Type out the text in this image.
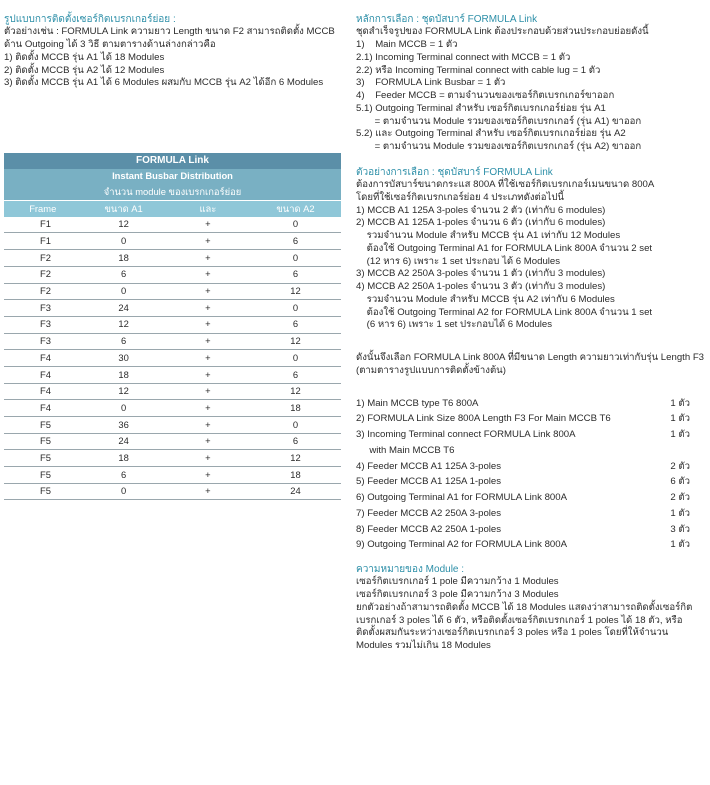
รูปแบบการติดตั้งเซอร์กิตเบรกเกอร์ย่อย :

ตัวอย่างเช่น : FORMULA Link ความยาว Length ขนาด F2 สามารถติดตั้ง MCCB

ด้าน Outgoing ได้ 3 วิธี ตามตารางด้านล่างกล่าวคือ

1) ติดตั้ง MCCB รุ่น A1 ได้ 18 Modules

2) ติดตั้ง MCCB รุ่น A2 ได้ 12 Modules

3) ติดตั้ง MCCB รุ่น A1 ได้ 6 Modules ผสมกับ MCCB รุ่น A2 ได้อีก 6 Modules

FORMULA Link			
Instant Busbar Distribution			
จำนวน module ของเบรกเกอร์ย่อย			
Frame	ขนาด A1	และ	ขนาด A2
F1	12	+	0
F1	0	+	6
F2	18	+	0
F2	6	+	6
F2	0	+	12
F3	24	+	0
F3	12	+	6
F3	6	+	12
F4	30	+	0
F4	18	+	6
F4	12	+	12
F4	0	+	18
F5	36	+	0
F5	24	+	6
F5	18	+	12
F5	6	+	18
F5	0	+	24

หลักการเลือก : ชุดบัสบาร์ FORMULA Link

ชุดสำเร็จรูปของ FORMULA Link ต้องประกอบด้วยส่วนประกอบย่อยดังนี้

1)    Main MCCB = 1 ตัว

2.1) Incoming Terminal connect with MCCB = 1 ตัว

2.2) หรือ Incoming Terminal connect with cable lug = 1 ตัว

3)    FORMULA Link Busbar = 1 ตัว

4)    Feeder MCCB = ตามจำนวนของเซอร์กิตเบรกเกอร์ขาออก

5.1) Outgoing Terminal สำหรับ เซอร์กิตเบรกเกอร์ย่อย รุ่น A1

= ตามจำนวน Module รวมของเซอร์กิตเบรกเกอร์ (รุ่น A1) ขาออก

5.2) และ Outgoing Terminal สำหรับ เซอร์กิตเบรกเกอร์ย่อย รุ่น A2

= ตามจำนวน Module รวมของเซอร์กิตเบรกเกอร์ (รุ่น A2) ขาออก

ตัวอย่างการเลือก : ชุดบัสบาร์ FORMULA Link

ต้องการบัสบาร์ขนาดกระแส 800A ที่ใช้เซอร์กิตเบรกเกอร์เมนขนาด 800A

โดยที่ใช้เซอร์กิตเบรกเกอร์ย่อย 4 ประเภทดังต่อไปนี้

1) MCCB A1 125A 3-poles จำนวน 2 ตัว (เท่ากับ 6 modules)

2) MCCB A1 125A 1-poles จำนวน 6 ตัว (เท่ากับ 6 modules)

รวมจำนวน Module สำหรับ MCCB รุ่น A1 เท่ากับ 12 Modules

ต้องใช้ Outgoing Terminal A1 for FORMULA Link 800A จำนวน 2 set

(12 หาร 6) เพราะ 1 set ประกอบ ได้ 6 Modules

3) MCCB A2 250A 3-poles จำนวน 1 ตัว (เท่ากับ 3 modules)

4) MCCB A2 250A 1-poles จำนวน 3 ตัว (เท่ากับ 3 modules)

รวมจำนวน Module สำหรับ MCCB รุ่น A2 เท่ากับ 6 Modules

ต้องใช้ Outgoing Terminal A2 for FORMULA Link 800A จำนวน 1 set

(6 หาร 6) เพราะ 1 set ประกอบได้ 6 Modules

ดังนั้นจึงเลือก FORMULA Link 800A ที่มีขนาด Length ความยาวเท่ากับรุ่น Length F3

(ตามตารางรูปแบบการติดตั้งข้างต้น)

1) Main MCCB type T6 800A	1 ตัว
2) FORMULA Link Size 800A Length F3 For Main MCCB T6	1 ตัว
3) Incoming Terminal connect FORMULA Link 800A	1 ตัว
with Main MCCB T6
4) Feeder MCCB A1 125A 3-poles	2 ตัว
5) Feeder MCCB A1 125A 1-poles	6 ตัว
6) Outgoing Terminal A1 for FORMULA Link 800A	2 ตัว
7) Feeder MCCB A2 250A 3-poles	1 ตัว
8) Feeder MCCB A2 250A 1-poles	3 ตัว
9) Outgoing Terminal A2 for FORMULA Link 800A	1 ตัว

ความหมายของ Module :

เซอร์กิตเบรกเกอร์ 1 pole มีความกว้าง 1 Modules

เซอร์กิตเบรกเกอร์ 3 pole มีความกว้าง 3 Modules

ยกตัวอย่างถ้าสามารถติดตั้ง MCCB ได้ 18 Modules แสดงว่าสามารถติดตั้งเซอร์กิต

เบรกเกอร์ 3 poles ได้ 6 ตัว, หรือติดตั้งเซอร์กิตเบรกเกอร์ 1 poles ได้ 18 ตัว, หรือ

ติดตั้งผสมกันระหว่างเซอร์กิตเบรกเกอร์ 3 poles หรือ 1 poles โดยที่ให้จำนวน

Modules รวมไม่เกิน 18 Modules
